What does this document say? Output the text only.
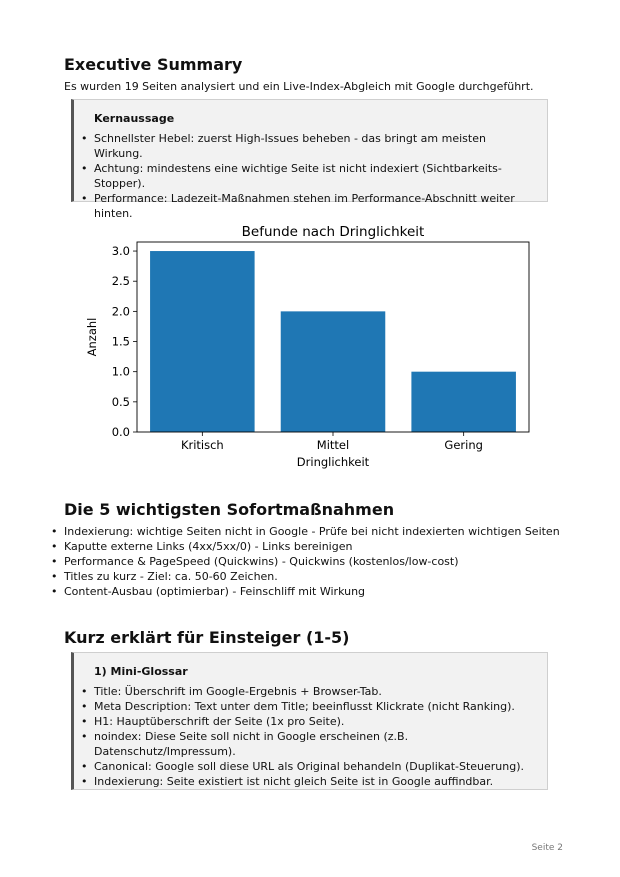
Executive Summary

Es wurden 19 Seiten analysiert und ein Live-Index-Abgleich mit Google durchgeführt.

Kernaussage
• Schnellster Hebel: zuerst High-Issues beheben - das bringt am meisten Wirkung.
• Achtung: mindestens eine wichtige Seite ist nicht indexiert (Sichtbarkeits-Stopper).
• Performance: Ladezeit-Maßnahmen stehen im Performance-Abschnitt weiter hinten.
Befunde nach Dringlichkeit
Kritisch	Mittel	Gering
0.0
0.5
1.0
1.5
2.0
2.5
3.0
Dringlichkeit
Anzahl
Die 5 wichtigsten Sofortmaßnahmen
• Indexierung: wichtige Seiten nicht in Google - Prüfe bei nicht indexierten wichtigen Seiten
• Kaputte externe Links (4xx/5xx/0) - Links bereinigen
• Performance & PageSpeed (Quickwins) - Quickwins (kostenlos/low-cost)
• Titles zu kurz - Ziel: ca. 50-60 Zeichen.
• Content-Ausbau (optimierbar) - Feinschliff mit Wirkung
Kurz erklärt für Einsteiger (1-5)
1) Mini-Glossar
• Title: Überschrift im Google-Ergebnis + Browser-Tab.
• Meta Description: Text unter dem Title; beeinflusst Klickrate (nicht Ranking).
• H1: Hauptüberschrift der Seite (1x pro Seite).
• noindex: Diese Seite soll nicht in Google erscheinen (z.B. Datenschutz/Impressum).
• Canonical: Google soll diese URL als Original behandeln (Duplikat-Steuerung).
• Indexierung: Seite existiert ist nicht gleich Seite ist in Google auffindbar.
Seite 2
